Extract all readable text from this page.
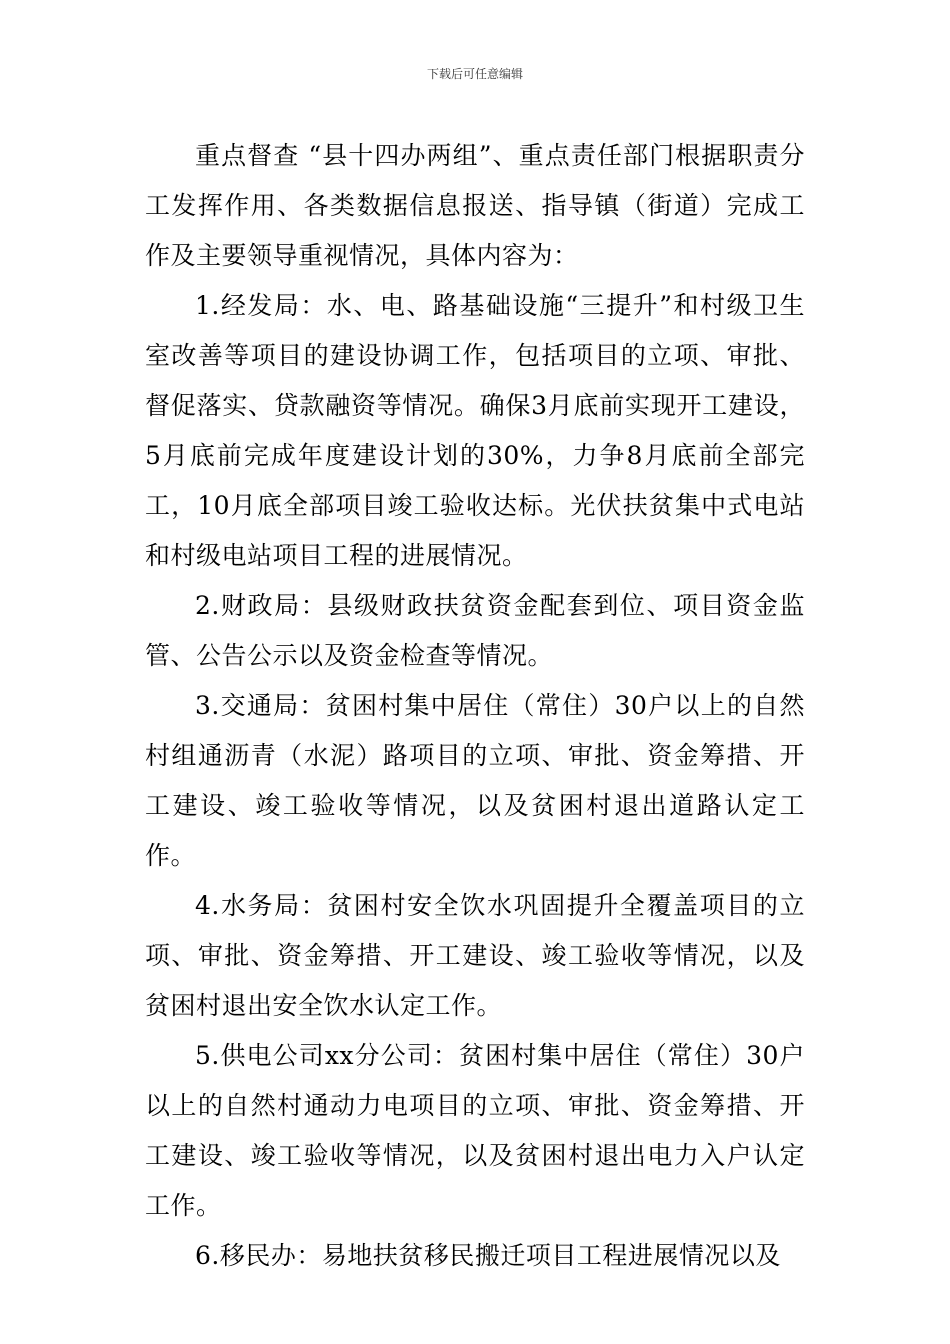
下载后可任意编辑

重点督查 “县十四办两组”、重点责任部门根据职责分工发挥作用、各类数据信息报送、指导镇（街道）完成工作及主要领导重视情况，具体内容为：

1.经发局：水、电、路基础设施“三提升”和村级卫生室改善等项目的建设协调工作，包括项目的立项、审批、督促落实、贷款融资等情况。确保3月底前实现开工建设，5月底前完成年度建设计划的30%，力争8月底前全部完工，10月底全部项目竣工验收达标。光伏扶贫集中式电站和村级电站项目工程的进展情况。

2.财政局：县级财政扶贫资金配套到位、项目资金监管、公告公示以及资金检查等情况。

3.交通局：贫困村集中居住（常住）30户以上的自然村组通沥青（水泥）路项目的立项、审批、资金筹措、开工建设、竣工验收等情况，以及贫困村退出道路认定工作。

4.水务局：贫困村安全饮水巩固提升全覆盖项目的立项、审批、资金筹措、开工建设、竣工验收等情况，以及贫困村退出安全饮水认定工作。

5.供电公司xx分公司：贫困村集中居住（常住）30户以上的自然村通动力电项目的立项、审批、资金筹措、开工建设、竣工验收等情况，以及贫困村退出电力入户认定工作。

6.移民办：易地扶贫移民搬迁项目工程进展情况以及
